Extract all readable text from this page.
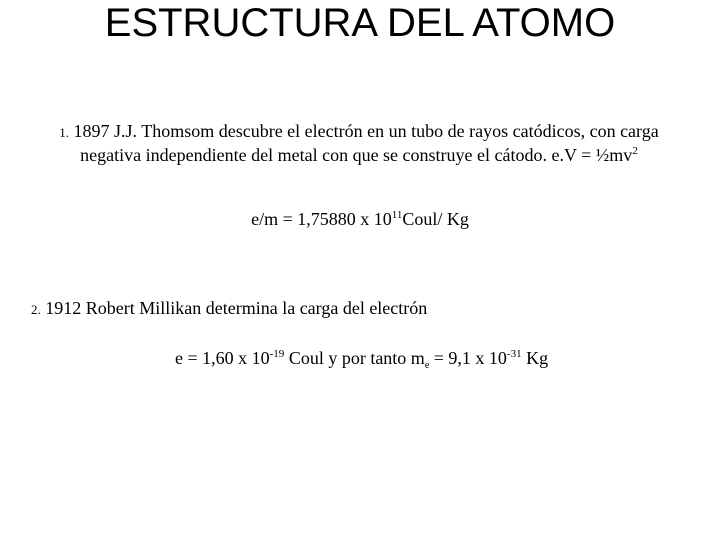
ESTRUCTURA DEL ATOMO
1. 1897 J.J. Thomsom descubre el electrón en un tubo de rayos catódicos, con carga negativa independiente del metal con que se construye el cátodo. $e.V = \frac{1}{2}mv^2$
e/m = 1,75880 x $10^{11}Coul/$ Kg
2. 1912 Robert Millikan determina la carga del electrón
e = 1,60 x $10^{-19}$ Coul y por tanto $m_e = 9,1$ x $10^{-31}$ Kg
